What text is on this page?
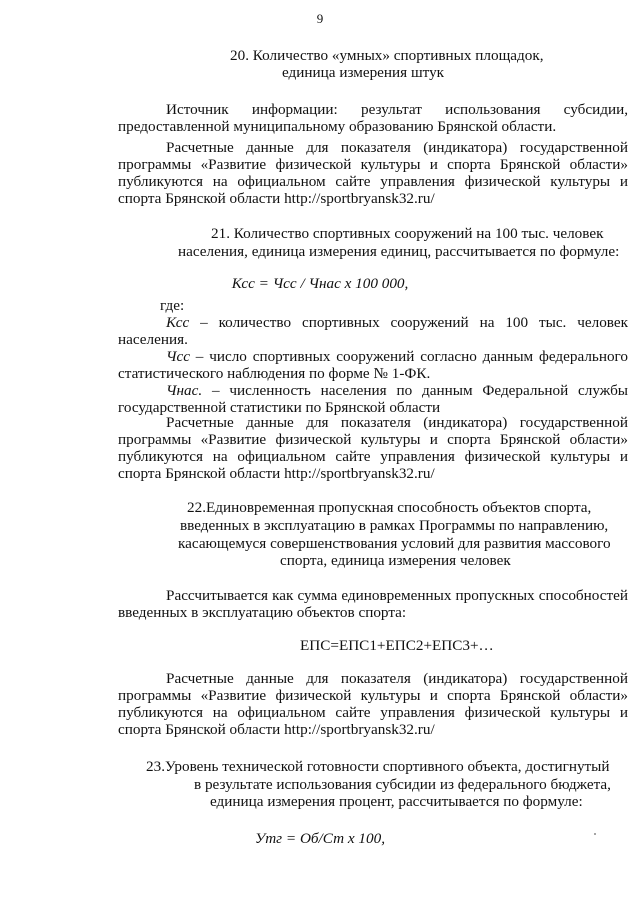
9
20. Количество «умных» спортивных площадок,
единица измерения штук
Источник информации: результат использования субсидии, предоставленной муниципальному образованию Брянской области.
Расчетные данные для показателя (индикатора) государственной программы «Развитие физической культуры и спорта Брянской области» публикуются на официальном сайте управления физической культуры и спорта Брянской области http://sportbryansk32.ru/
21. Количество спортивных сооружений на 100 тыс. человек
населения, единица измерения единиц, рассчитывается по формуле:
Ксс = Чсс / Чнас х 100 000,
где:
Ксс – количество спортивных сооружений на 100 тыс. человек населения.
Чсс – число спортивных сооружений согласно данным федерального статистического наблюдения по форме № 1-ФК.
Чнас. – численность населения по данным Федеральной службы государственной статистики по Брянской области
Расчетные данные для показателя (индикатора) государственной программы «Развитие физической культуры и спорта Брянской области» публикуются на официальном сайте управления физической культуры и спорта Брянской области http://sportbryansk32.ru/
22.Единовременная пропускная способность объектов спорта,
введенных в эксплуатацию в рамках Программы по направлению,
касающемуся совершенствования условий для развития массового
спорта, единица измерения человек
Рассчитывается как сумма единовременных пропускных способностей введенных в эксплуатацию объектов спорта:
ЕПС=ЕПС1+ЕПС2+ЕПС3+…
Расчетные данные для показателя (индикатора) государственной программы «Развитие физической культуры и спорта Брянской области» публикуются на официальном сайте управления физической культуры и спорта Брянской области http://sportbryansk32.ru/
23.Уровень технической готовности спортивного объекта, достигнутый
в результате использования субсидии из федерального бюджета,
единица измерения процент, рассчитывается по формуле:
Утг = Об/Ст х 100,
